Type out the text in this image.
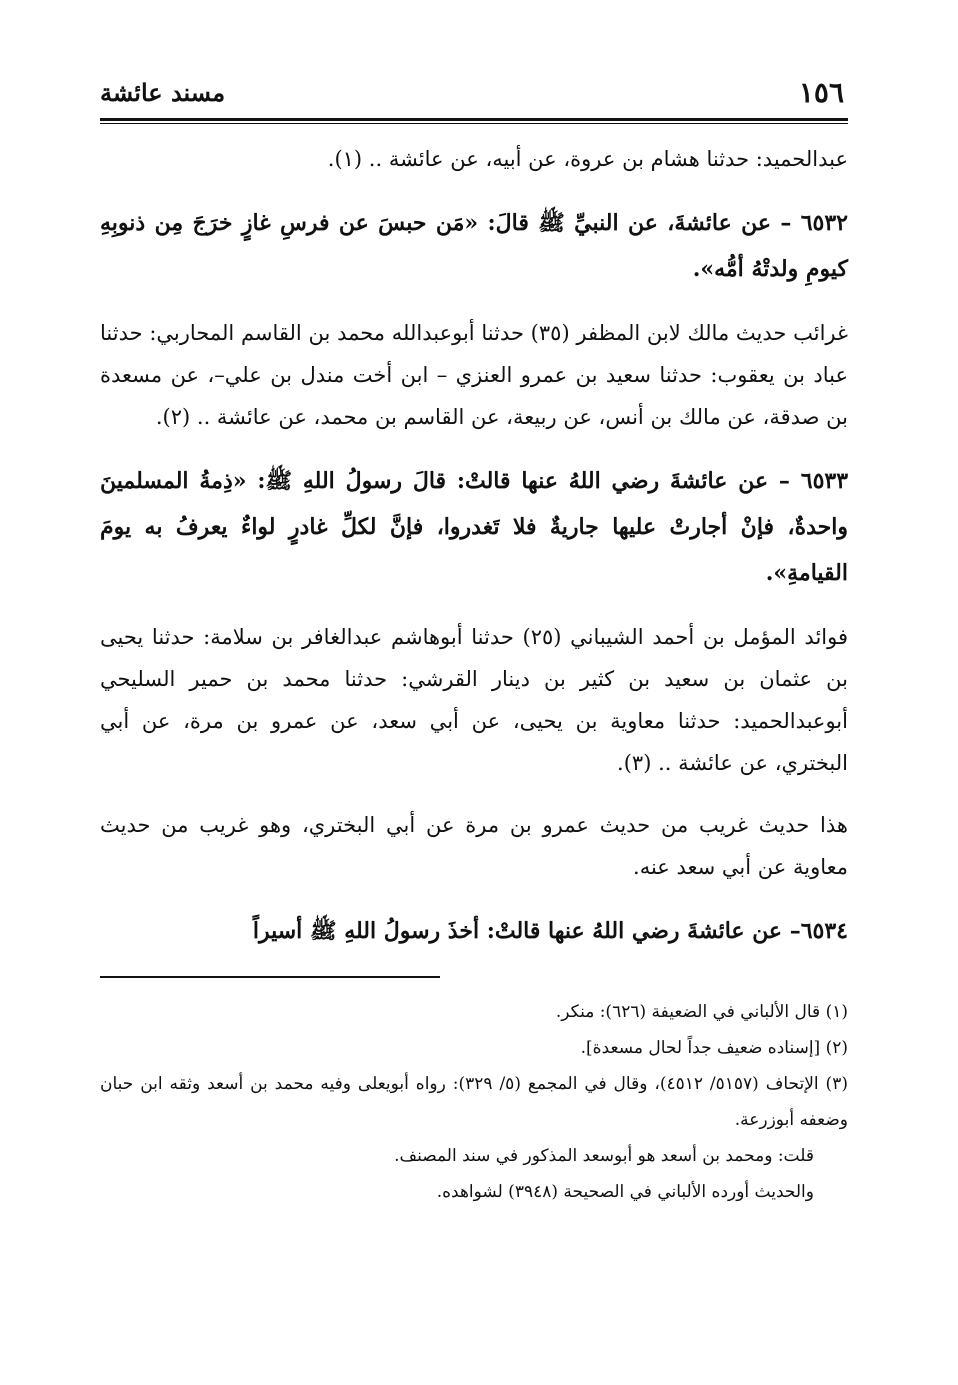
١٥٦
مسند عائشة

عبدالحميد: حدثنا هشام بن عروة، عن أبيه، عن عائشة .. (١).

٦٥٣٢ – عن عائشةَ، عن النبيِّ ﷺ قالَ: «مَن حبسَ عن فرسِ غازٍ خرَجَ مِن ذنوبِهِ كيومِ ولدتْهُ أمُّه».

غرائب حديث مالك لابن المظفر (٣٥) حدثنا أبوعبدالله محمد بن القاسم المحاربي: حدثنا عباد بن يعقوب: حدثنا سعيد بن عمرو العنزي – ابن أخت مندل بن علي–، عن مسعدة بن صدقة، عن مالك بن أنس، عن ربيعة، عن القاسم بن محمد، عن عائشة .. (٢).

٦٥٣٣ – عن عائشةَ رضي اللهُ عنها قالتْ: قالَ رسولُ اللهِ ﷺ: «ذِمةُ المسلمينَ واحدةٌ، فإنْ أجارتْ عليها جاريةٌ فلا تَغدروا، فإنَّ لكلِّ غادرٍ لواءٌ يعرفُ به يومَ القيامةِ».

فوائد المؤمل بن أحمد الشيباني (٢٥) حدثنا أبوهاشم عبدالغافر بن سلامة: حدثنا يحيى بن عثمان بن سعيد بن كثير بن دينار القرشي: حدثنا محمد بن حمير السليحي أبوعبدالحميد: حدثنا معاوية بن يحيى، عن أبي سعد، عن عمرو بن مرة، عن أبي البختري، عن عائشة .. (٣).

هذا حديث غريب من حديث عمرو بن مرة عن أبي البختري، وهو غريب من حديث معاوية عن أبي سعد عنه.

٦٥٣٤– عن عائشةَ رضي اللهُ عنها قالتْ: أخذَ رسولُ اللهِ ﷺ أسيراً

(١) قال الألباني في الضعيفة (٦٢٦): منكر.

(٢) [إسناده ضعيف جداً لحال مسعدة].

(٣) الإتحاف (٥١٥٧/ ٤٥١٢)، وقال في المجمع (٥/ ٣٢٩): رواه أبويعلى وفيه محمد بن أسعد وثقه ابن حبان وضعفه أبوزرعة.

قلت: ومحمد بن أسعد هو أبوسعد المذكور في سند المصنف.

والحديث أورده الألباني في الصحيحة (٣٩٤٨) لشواهده.
